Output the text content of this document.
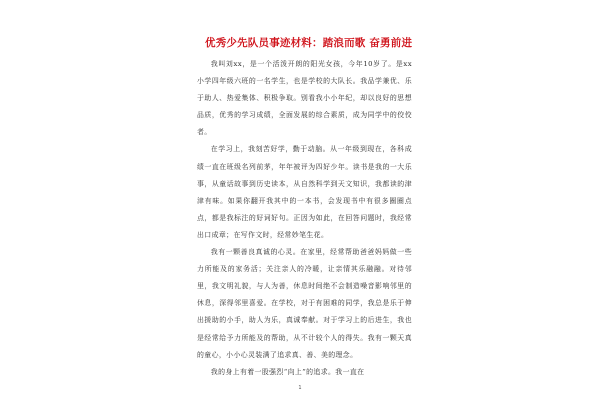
优秀少先队员事迹材料：踏浪而歌 奋勇前进

我叫刘xx，是一个活泼开朗的阳光女孩，今年10岁了。是xx小学四年级六班的一名学生，也是学校的大队长。我品学兼优、乐于助人、热爱集体、积极争取。别看我小小年纪，却以良好的思想品质，优秀的学习成绩，全面发展的综合素质，成为同学中的佼佼者。

在学习上，我刻苦好学，勤于动脑。从一年级到现在，各科成绩一直在班级名列前茅，年年被评为四好少年。读书是我的一大乐事，从童话故事到历史读本，从自然科学到天文知识，我都读的津津有味。如果你翻开我其中的一本书，会发现书中有很多圈圈点点，都是我标注的好词好句。正因为如此，在回答问题时，我经常出口成章；在写作文时，经常妙笔生花。

我有一颗善良真诚的心灵。在家里，经常帮助爸爸妈妈做一些力所能及的家务活；关注亲人的冷暖，让亲情其乐融融。对待邻里，我文明礼貌，与人为善，休息时间绝不会制造噪音影响邻里的休息，深得邻里喜爱。在学校，对于有困难的同学，我总是乐于伸出援助的小手，助人为乐，真诚奉献。对于学习上的后进生，我也是经常给予力所能及的帮助，从不计较个人的得失。我有一颗天真的童心，小小心灵装满了追求真、善、美的理念。

我的身上有着一股强烈“向上”的追求。我一直在

1
